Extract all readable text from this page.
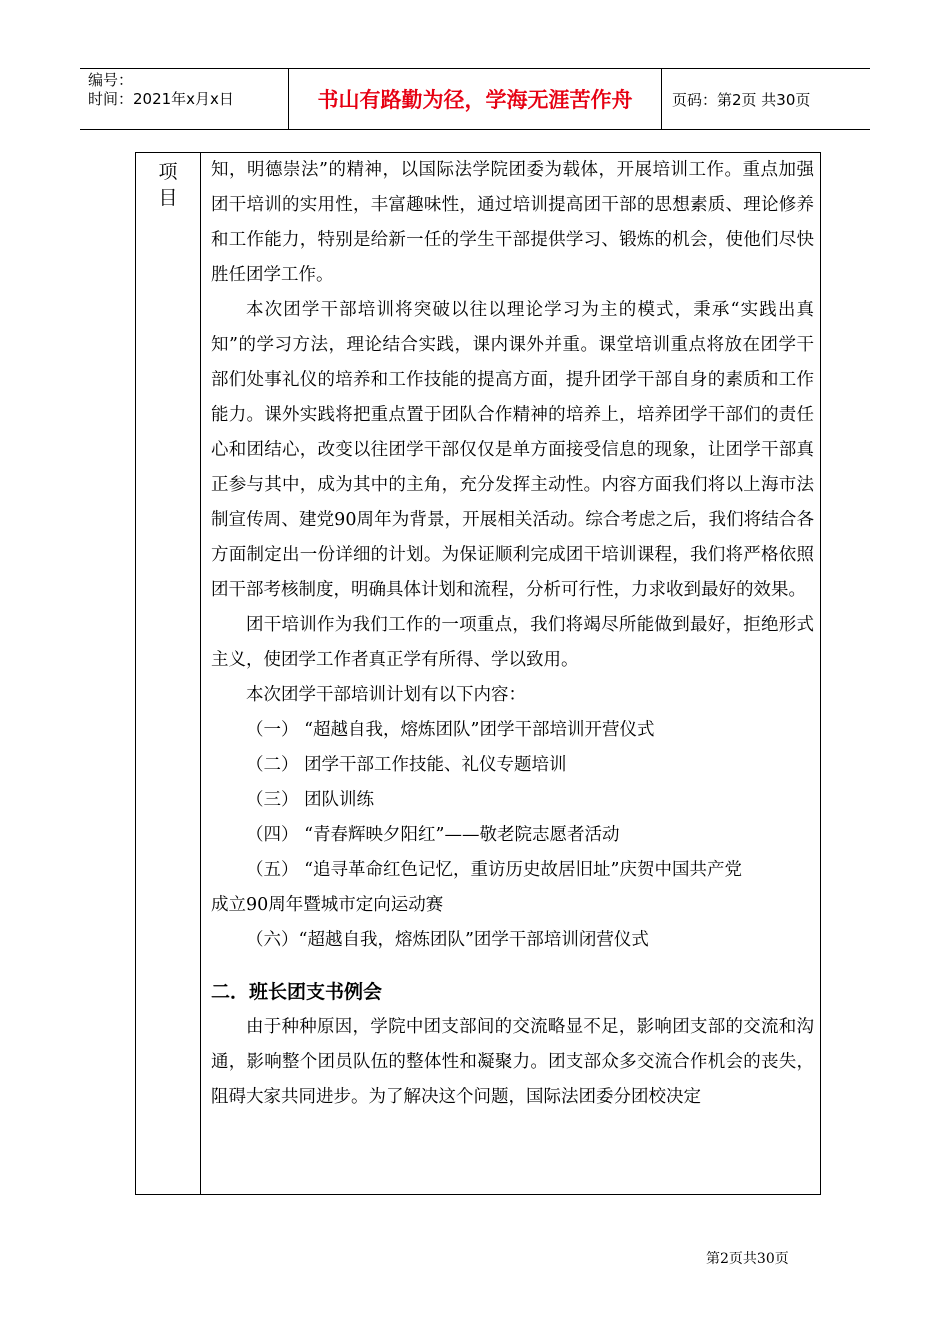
编号：
时间：2021年x月x日	书山有路勤为径，学海无涯苦作舟	页码：第2页 共30页
项目

知，明德崇法”的精神，以国际法学院团委为载体，开展培训工作。重点加强团干培训的实用性，丰富趣味性，通过培训提高团干部的思想素质、理论修养和工作能力，特别是给新一任的学生干部提供学习、锻炼的机会，使他们尽快胜任团学工作。

本次团学干部培训将突破以往以理论学习为主的模式，秉承“实践出真知”的学习方法，理论结合实践，课内课外并重。课堂培训重点将放在团学干部们处事礼仪的培养和工作技能的提高方面，提升团学干部自身的素质和工作能力。课外实践将把重点置于团队合作精神的培养上，培养团学干部们的责任心和团结心，改变以往团学干部仅仅是单方面接受信息的现象，让团学干部真正参与其中，成为其中的主角，充分发挥主动性。内容方面我们将以上海市法制宣传周、建党90周年为背景，开展相关活动。综合考虑之后，我们将结合各方面制定出一份详细的计划。为保证顺利完成团干培训课程，我们将严格依照团干部考核制度，明确具体计划和流程，分析可行性，力求收到最好的效果。

团干培训作为我们工作的一项重点，我们将竭尽所能做到最好，拒绝形式主义，使团学工作者真正学有所得、学以致用。

本次团学干部培训计划有以下内容：

（一） “超越自我，熔炼团队”团学干部培训开营仪式

（二） 团学干部工作技能、礼仪专题培训

（三） 团队训练

（四） “青春辉映夕阳红”——敬老院志愿者活动

（五） “追寻革命红色记忆，重访历史故居旧址”庆贺中国共产党

成立90周年暨城市定向运动赛

（六）“超越自我，熔炼团队”团学干部培训闭营仪式

二．班长团支书例会

由于种种原因，学院中团支部间的交流略显不足，影响团支部的交流和沟通，影响整个团员队伍的整体性和凝聚力。团支部众多交流合作机会的丧失，阻碍大家共同进步。为了解决这个问题，国际法团委分团校决定

第2页共30页
